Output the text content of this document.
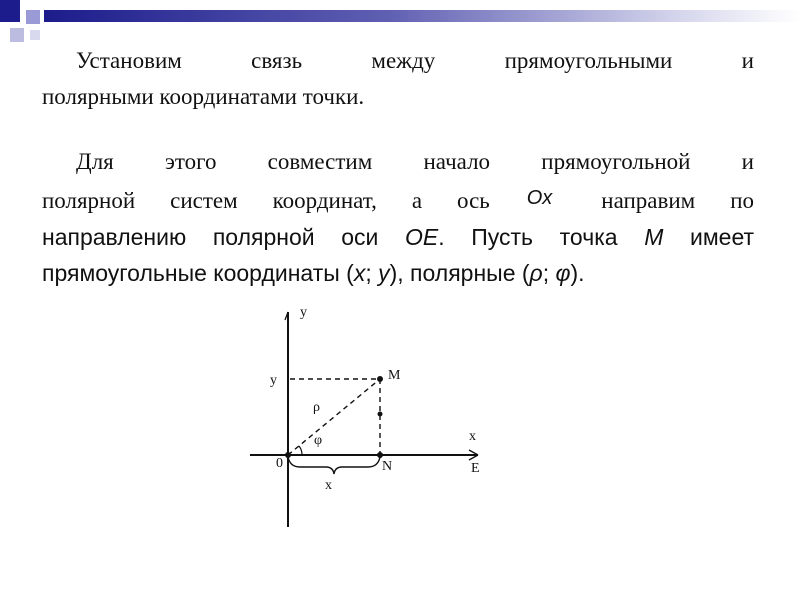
Установим связь между прямоугольными и
полярными координатами точки.
Для этого совместим начало прямоугольной и
полярной систем координат, а ось Ox направим по
направлению полярной оси OE. Пусть точка M имеет
прямоугольные координаты (x; y), полярные (ρ; φ).
y
y	M
ρ
φ	x
0	N	E
x
